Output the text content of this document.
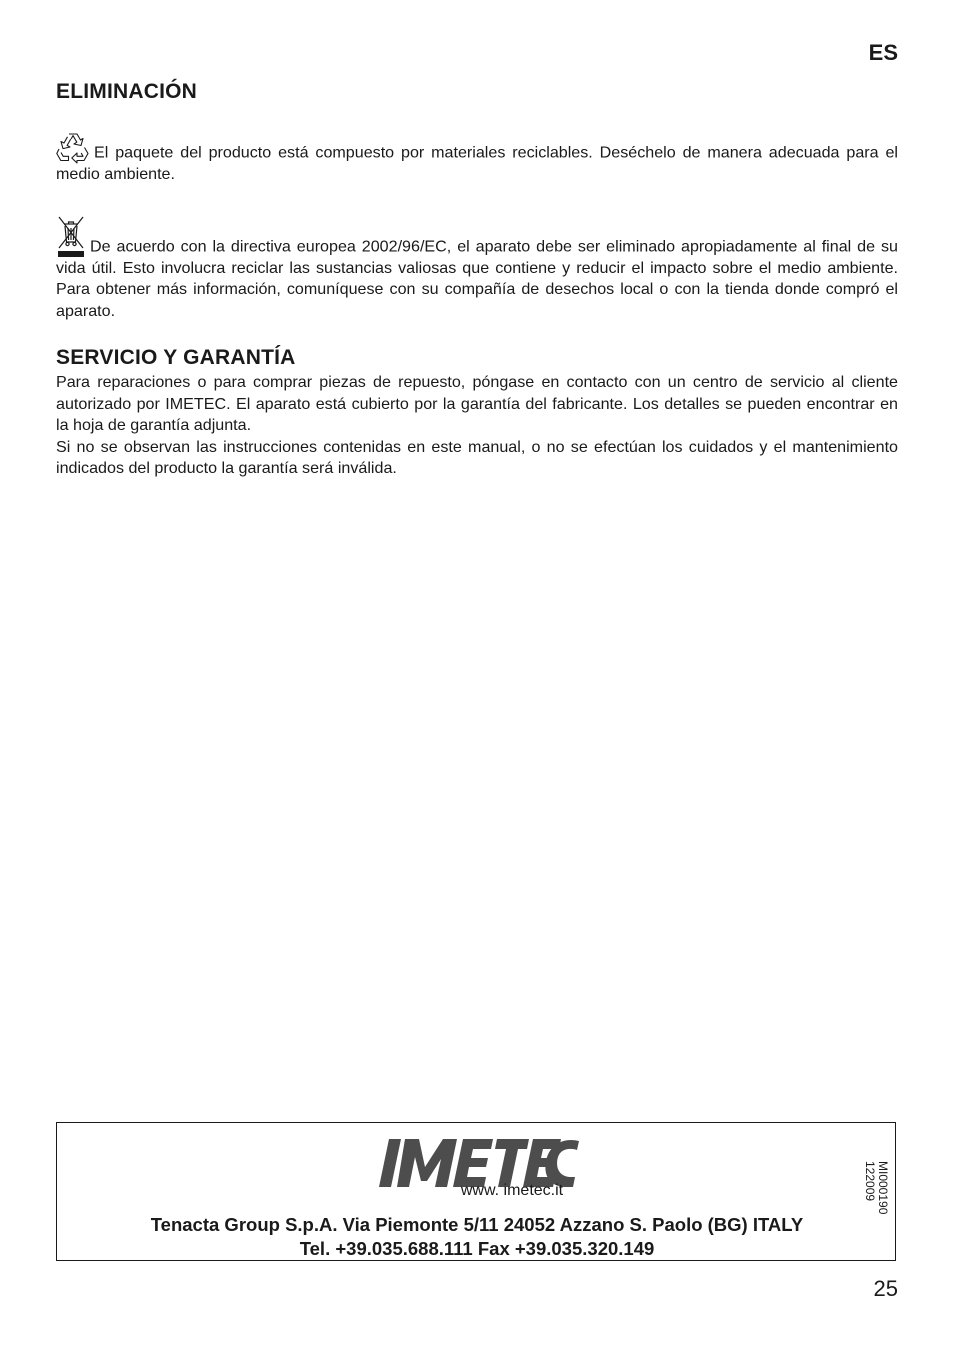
ES
ELIMINACIÓN

El paquete del producto está compuesto por materiales reciclables. Deséchelo de manera adecuada para el medio ambiente.

De acuerdo con la directiva europea 2002/96/EC, el aparato debe ser eliminado apropiadamente al final de su vida útil. Esto involucra reciclar las sustancias valiosas que contiene y reducir el impacto sobre el medio ambiente. Para obtener más información, comuníquese con su compañía de desechos local o con la tienda donde compró el aparato.

SERVICIO Y GARANTÍA

Para reparaciones o para comprar piezas de repuesto, póngase en contacto con un centro de servicio al cliente autorizado por IMETEC. El aparato está cubierto por la garantía del fabricante. Los detalles se pueden encontrar en la hoja de garantía adjunta.

Si no se observan las instrucciones contenidas en este manual, o no se efectúan los cuidados y el mantenimiento indicados del producto la garantía será inválida.

www. imetec.it
Tenacta Group S.p.A. Via Piemonte 5/11 24052 Azzano S. Paolo (BG) ITALY
Tel. +39.035.688.111 Fax +39.035.320.149
MI000190
122009
25
